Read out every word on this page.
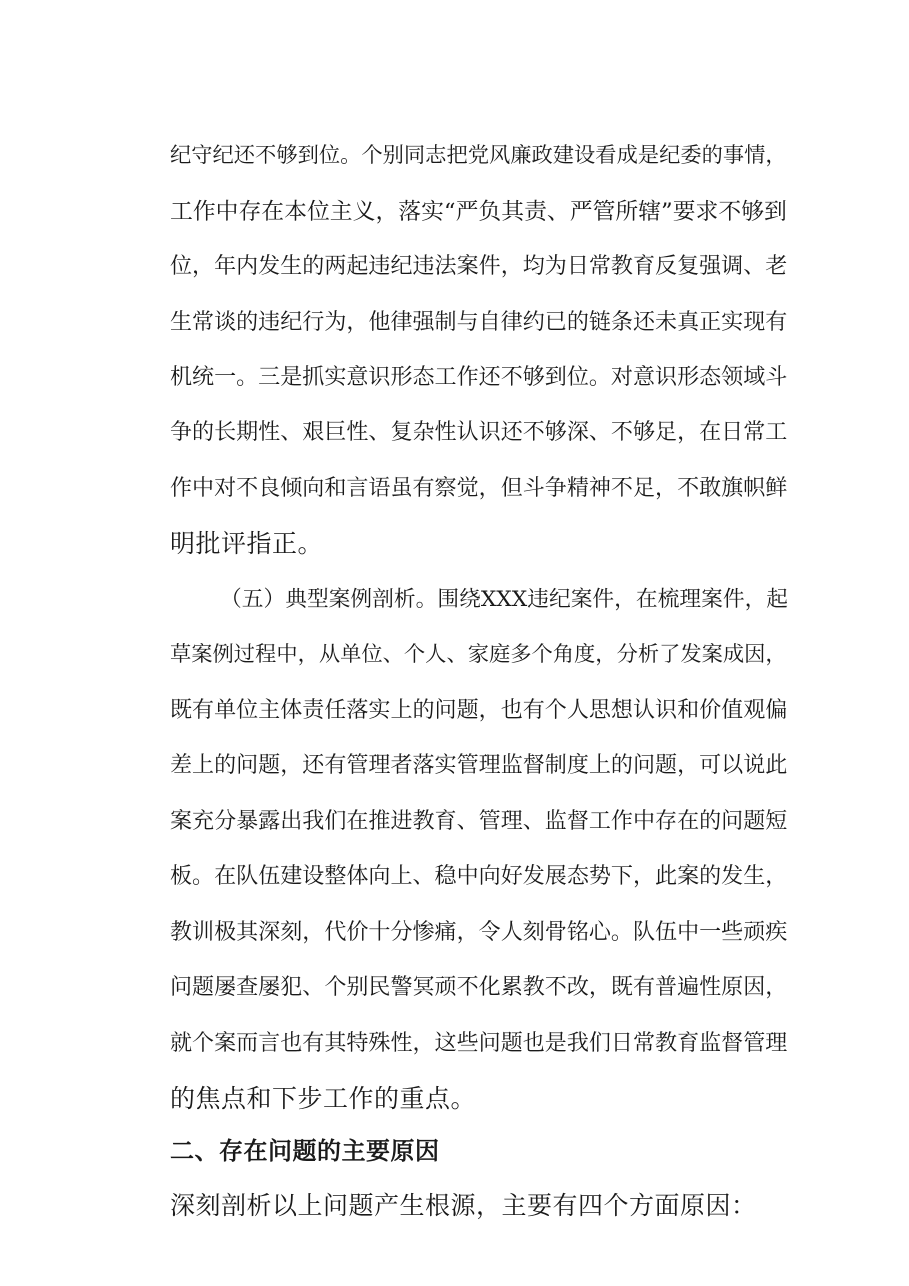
纪守纪还不够到位。个别同志把党风廉政建设看成是纪委的事情，
工作中存在本位主义，落实“严负其责、严管所辖”要求不够到
位，年内发生的两起违纪违法案件，均为日常教育反复强调、老
生常谈的违纪行为，他律强制与自律约已的链条还未真正实现有
机统一。三是抓实意识形态工作还不够到位。对意识形态领域斗
争的长期性、艰巨性、复杂性认识还不够深、不够足，在日常工
作中对不良倾向和言语虽有察觉，但斗争精神不足，不敢旗帜鲜
明批评指正。
（五）典型案例剖析。围绕XXX违纪案件，在梳理案件，起
草案例过程中，从单位、个人、家庭多个角度，分析了发案成因，
既有单位主体责任落实上的问题，也有个人思想认识和价值观偏
差上的问题，还有管理者落实管理监督制度上的问题，可以说此
案充分暴露出我们在推进教育、管理、监督工作中存在的问题短
板。在队伍建设整体向上、稳中向好发展态势下，此案的发生，
教训极其深刻，代价十分惨痛，令人刻骨铭心。队伍中一些顽疾
问题屡查屡犯、个别民警冥顽不化累教不改，既有普遍性原因，
就个案而言也有其特殊性，这些问题也是我们日常教育监督管理
的焦点和下步工作的重点。
二、存在问题的主要原因
深刻剖析以上问题产生根源，主要有四个方面原因：
